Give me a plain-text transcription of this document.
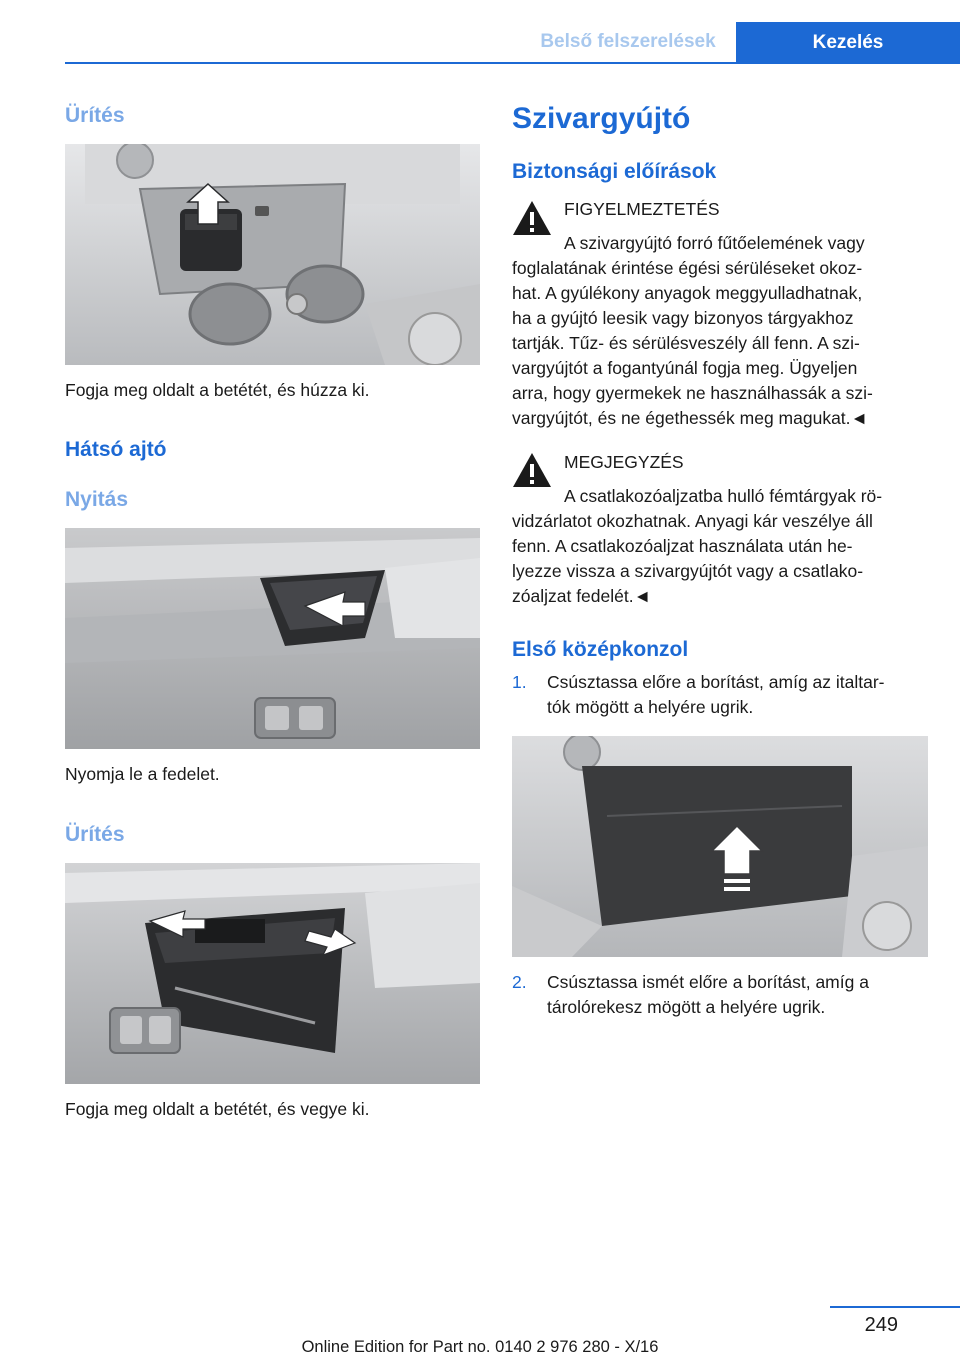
Belső felszerelések	Kezelés
Ürítés
Fogja meg oldalt a betétét, és húzza ki.
Hátsó ajtó
Nyitás
Nyomja le a fedelet.
Ürítés
Fogja meg oldalt a betétét, és vegye ki.
Szivargyújtó
Biztonsági előírások
FIGYELMEZTETÉS
A szivargyújtó forró fűtőelemének vagy
foglalatának érintése égési sérüléseket okoz-
hat. A gyúlékony anyagok meggyulladhatnak,
ha a gyújtó leesik vagy bizonyos tárgyakhoz
tartják. Tűz- és sérülésveszély áll fenn. A szi-
vargyújtót a fogantyúnál fogja meg. Ügyeljen
arra, hogy gyermekek ne használhassák a szi-
vargyújtót, és ne égethessék meg magukat.◄
MEGJEGYZÉS
A csatlakozóaljzatba hulló fémtárgyak rö-
vidzárlatot okozhatnak. Anyagi kár veszélye áll
fenn. A csatlakozóaljzat használata után he-
lyezze vissza a szivargyújtót vagy a csatlako-
zóaljzat fedelét.◄
Első középkonzol
1. Csúsztassa előre a borítást, amíg az italtar-
tók mögött a helyére ugrik.
2. Csúsztassa ismét előre a borítást, amíg a
tárolórekesz mögött a helyére ugrik.
249
Online Edition for Part no. 0140 2 976 280 - X/16
